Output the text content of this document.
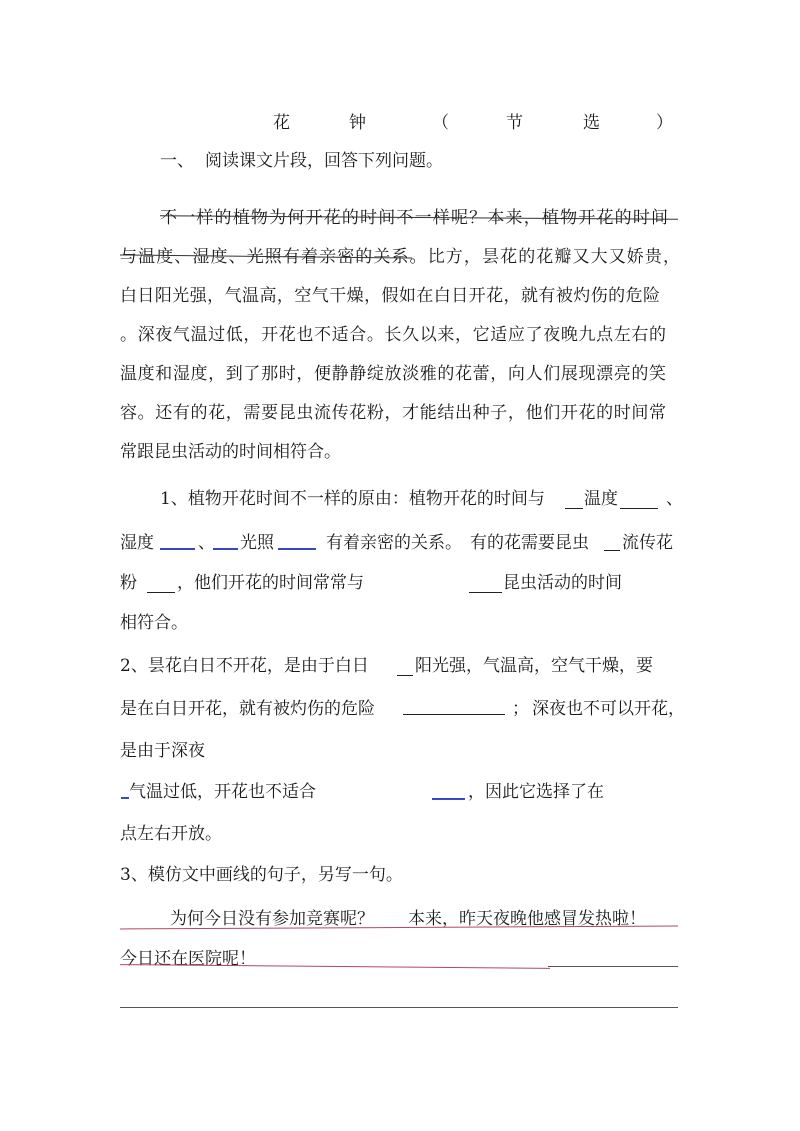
花	钟	（	节	选	）
一、 阅读课文片段，回答下列问题。
不一样的植物为何开花的时间不一样呢？本来，植物开花的时间
与温度、湿度、光照有着亲密的关系。比方，昙花的花瓣又大又娇贵，
白日阳光强，气温高，空气干燥，假如在白日开花，就有被灼伤的危险
。深夜气温过低，开花也不适合。长久以来，它适应了夜晚九点左右的
温度和湿度，到了那时，便静静绽放淡雅的花蕾，向人们展现漂亮的笑
容。还有的花，需要昆虫流传花粉，才能结出种子，他们开花的时间常
常跟昆虫活动的时间相符合。
1、植物开花时间不一样的原由：植物开花的时间与 温度	、
湿度	、 光照	有着亲密的关系。 有的花需要昆虫 流传花
粉 ，他们开花的时间常常与	昆虫活动的时间
相符合。
2、昙花白日不开花，是由于白日	阳光强，气温高，空气干燥，要
是在白日开花，就有被灼伤的危险	； 深夜也不可以开花，
是由于深夜
气温过低，开花也不适合	，因此它选择了在
点左右开放。
3、模仿文中画线的句子，另写一句。
为何今日没有参加竞赛呢？　　本来，昨天夜晚他感冒发热啦！
今日还在医院呢！
